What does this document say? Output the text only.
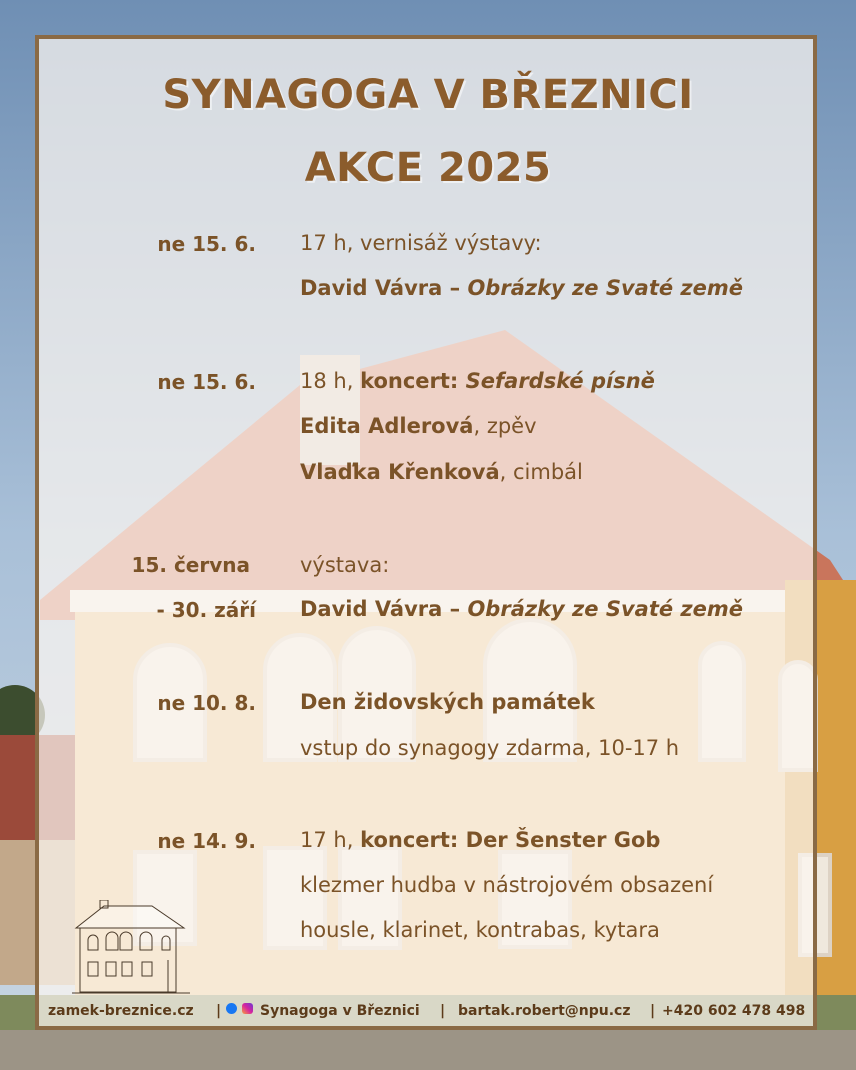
SYNAGOGA V BŘEZNICI
AKCE 2025
ne 15. 6. 17 h, vernisáž výstavy:
David Vávra – Obrázky ze Svaté země
ne 15. 6. 18 h, koncert: Sefardské písně
Edita Adlerová, zpěv
Vlaďka Křenková, cimbál
15. června
- 30. září
výstava:
David Vávra – Obrázky ze Svaté země
ne 10. 8. Den židovských památek
vstup do synagogy zdarma, 10-17 h
ne 14. 9. 17 h, koncert: Der Šenster Gob
klezmer hudba v nástrojovém obsazení
housle, klarinet, kontrabas, kytara
zamek-breznice.cz |	Synagoga v Březnici | bartak.robert@npu.cz | +420 602 478 498
